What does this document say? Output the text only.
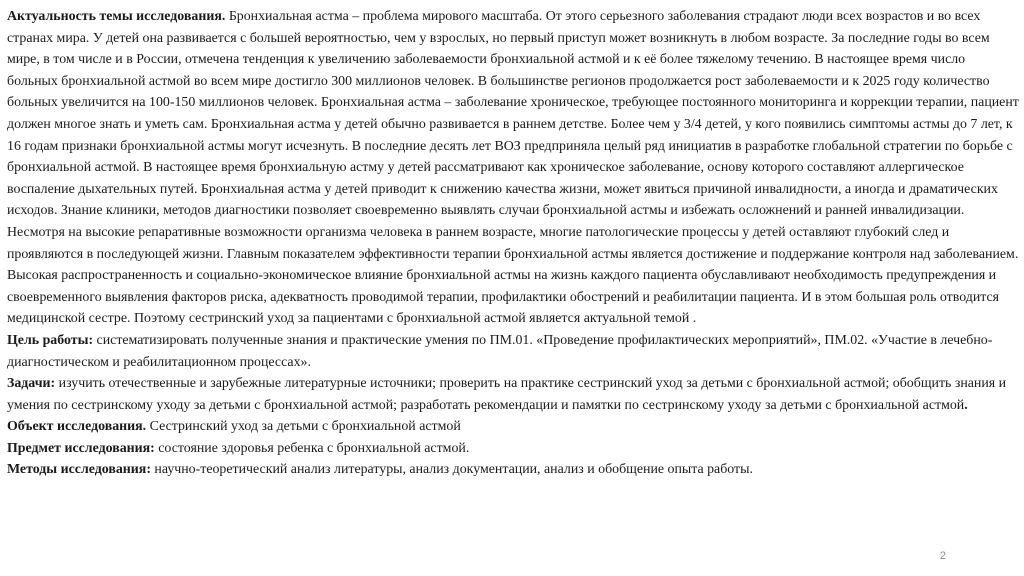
Актуальность темы исследования. Бронхиальная астма – проблема мирового масштаба. От этого серьезного заболевания страдают люди всех возрастов и во всех странах мира. У детей она развивается с большей вероятностью, чем у взрослых, но первый приступ может возникнуть в любом возрасте. За последние годы во всем мире, в том числе и в России, отмечена тенденция к увеличению заболеваемости бронхиальной астмой и к её более тяжелому течению. В настоящее время число больных бронхиальной астмой во всем мире достигло 300 миллионов человек. В большинстве регионов продолжается рост заболеваемости и к 2025 году количество больных увеличится на 100-150 миллионов человек. Бронхиальная астма – заболевание хроническое, требующее постоянного мониторинга и коррекции терапии, пациент должен многое знать и уметь сам. Бронхиальная астма у детей обычно развивается в раннем детстве. Более чем у 3/4 детей, у кого появились симптомы астмы до 7 лет, к 16 годам признаки бронхиальной астмы могут исчезнуть. В последние десять лет ВОЗ предприняла целый ряд инициатив в разработке глобальной стратегии по борьбе с бронхиальной астмой. В настоящее время бронхиальную астму у детей рассматривают как хроническое заболевание, основу которого составляют аллергическое воспаление дыхательных путей. Бронхиальная астма у детей приводит к снижению качества жизни, может явиться причиной инвалидности, а иногда и драматических исходов. Знание клиники, методов диагностики позволяет своевременно выявлять случаи бронхиальной астмы и избежать осложнений и ранней инвалидизации. Несмотря на высокие репаративные возможности организма человека в раннем возрасте, многие патологические процессы у детей оставляют глубокий след и проявляются в последующей жизни. Главным показателем эффективности терапии бронхиальной астмы является достижение и поддержание контроля над заболеванием. Высокая распространенность и социально-экономическое влияние бронхиальной астмы на жизнь каждого пациента обуславливают необходимость предупреждения и своевременного выявления факторов риска, адекватность проводимой терапии, профилактики обострений и реабилитации пациента. И в этом большая роль отводится медицинской сестре. Поэтому сестринский уход за пациентами с бронхиальной астмой является актуальной темой .

Цель работы: систематизировать полученные знания и практические умения по ПМ.01. «Проведение профилактических мероприятий», ПМ.02. «Участие в лечебно-диагностическом и реабилитационном процессах».

Задачи: изучить отечественные и зарубежные литературные источники; проверить на практике сестринский уход за детьми с бронхиальной астмой; обобщить знания и умения по сестринскому уходу за детьми с бронхиальной астмой; разработать рекомендации и памятки по сестринскому уходу за детьми с бронхиальной астмой.

Объект исследования. Сестринский уход за детьми с бронхиальной астмой

Предмет исследования: состояние здоровья ребенка с бронхиальной астмой.

Методы исследования: научно-теоретический анализ литературы, анализ документации, анализ и обобщение опыта работы.

2
